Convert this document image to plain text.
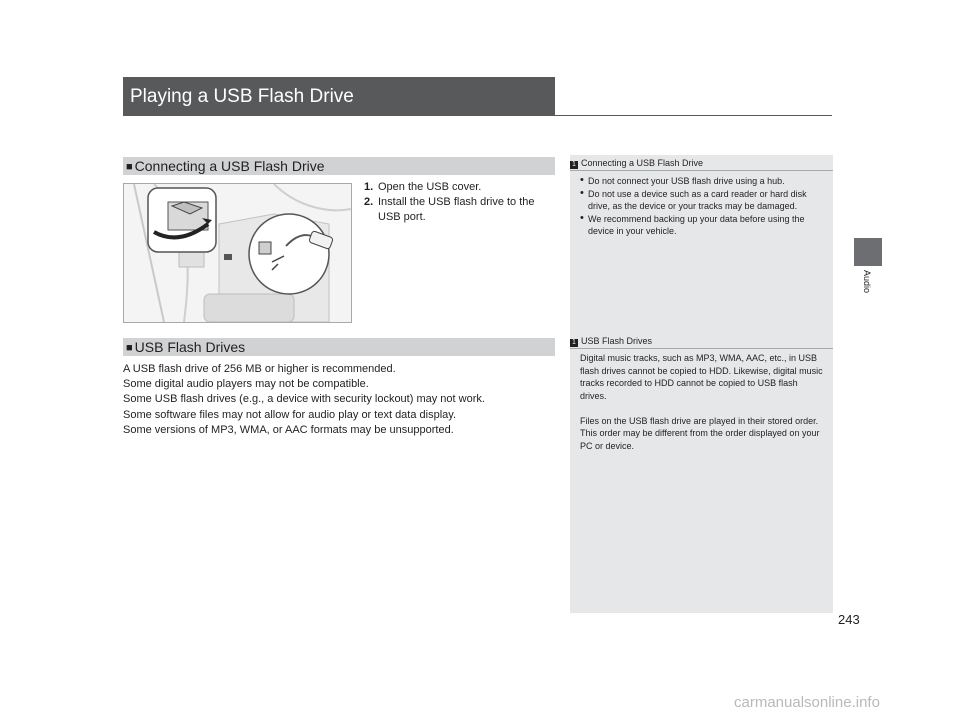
Playing a USB Flash Drive
Audio
■ Connecting a USB Flash Drive
1. Open the USB cover.
2. Install the USB flash drive to the USB port.
■ USB Flash Drives
A USB flash drive of 256 MB or higher is recommended.
Some digital audio players may not be compatible.
Some USB flash drives (e.g., a device with security lockout) may not work.
Some software files may not allow for audio play or text data display.
Some versions of MP3, WMA, or AAC formats may be unsupported.
1 Connecting a USB Flash Drive
• Do not connect your USB flash drive using a hub.
• Do not use a device such as a card reader or hard disk drive, as the device or your tracks may be damaged.
• We recommend backing up your data before using the device in your vehicle.
1 USB Flash Drives

Digital music tracks, such as MP3, WMA, AAC, etc., in USB flash drives cannot be copied to HDD. Likewise, digital music tracks recorded to HDD cannot be copied to USB flash drives.

Files on the USB flash drive are played in their stored order. This order may be different from the order displayed on your PC or device.

243
carmanualsonline.info
